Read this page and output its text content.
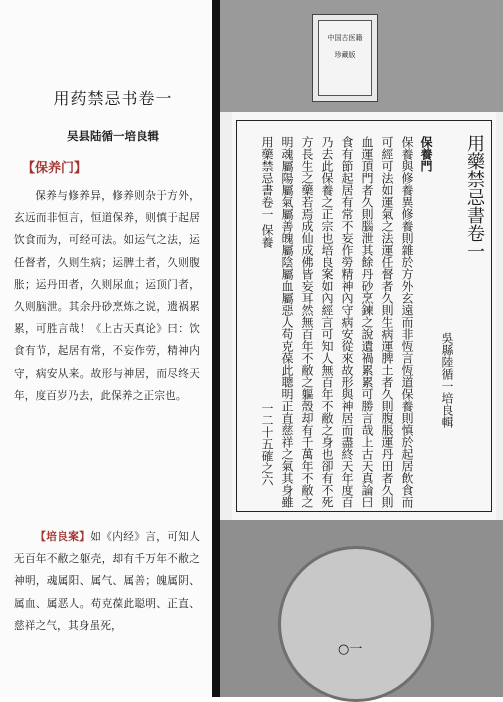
用药禁忌书卷一
吴县陆循一培良辑
【保养门】
保养与修养异，修养则杂于方外，玄远而非恒言，恒道保养，则慎于起居饮食而为，可经可法。如运气之法，运任督者，久则生病；运脾土者，久则腹胀；运丹田者，久则尿血；运顶门者，久则脑泄。其余丹砂烹炼之说，遗祸累累，可胜言哉！《上古天真论》曰：饮食有节，起居有常，不妄作劳，精神内守，病安从来。故形与神居，而尽终天年，度百岁乃去，此保养之正宗也。
【培良案】如《内经》言，可知人无百年不敝之躯壳，却有千万年不敝之神明，魂属阳、属气、属善；魄属阴、属血、属恶人。苟克葆此聪明、正直、慈祥之气，其身虽死，
中国古医籍
珍藏版
用藥禁忌書卷一
吳縣陸循一培良輯
保養門
保養與修養異修養則雜於方外玄遠而非恆言恆道保養則慎於起居飲食而
可經可法如運氣之法運任督者久則生病運脾土者久則腹脹運丹田者久則
血運頂門者久則腦泄其餘丹砂烹鍊之說遺禍累累可勝言哉上古天真論曰
食有節起居有常不妄作勞精神內守病安從來故形與神居而盡終天年度百
乃去此保養之正宗也培良案如內經言可知人無百年不敝之身也卻有不死
方長生之藥若焉成仙成佛皆妄耳然無百年不敝之軀殼却有千萬年不敝之
明魂屬陽屬氣屬善魄屬陰屬血屬惡人苟克葆此聰明正直慈祥之氣其身雖
用藥禁忌書卷一 保養
一二十五確之六
○一
